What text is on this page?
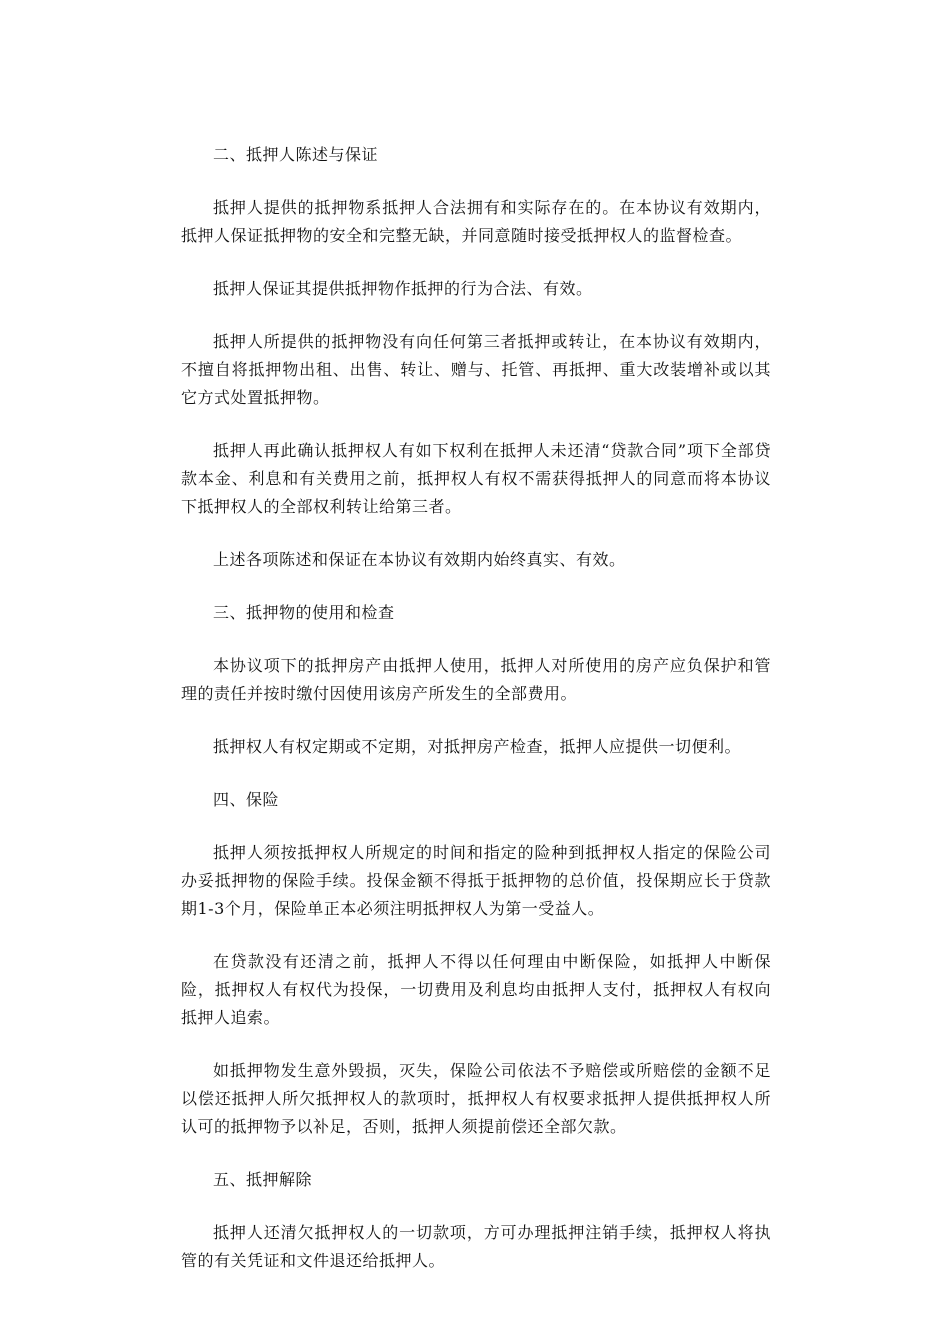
二、抵押人陈述与保证

抵押人提供的抵押物系抵押人合法拥有和实际存在的。在本协议有效期内，抵押人保证抵押物的安全和完整无缺，并同意随时接受抵押权人的监督检查。

抵押人保证其提供抵押物作抵押的行为合法、有效。

抵押人所提供的抵押物没有向任何第三者抵押或转让，在本协议有效期内，不擅自将抵押物出租、出售、转让、赠与、托管、再抵押、重大改装增补或以其它方式处置抵押物。

抵押人再此确认抵押权人有如下权利在抵押人未还清“贷款合同”项下全部贷款本金、利息和有关费用之前，抵押权人有权不需获得抵押人的同意而将本协议下抵押权人的全部权利转让给第三者。

上述各项陈述和保证在本协议有效期内始终真实、有效。

三、抵押物的使用和检查

本协议项下的抵押房产由抵押人使用，抵押人对所使用的房产应负保护和管理的责任并按时缴付因使用该房产所发生的全部费用。

抵押权人有权定期或不定期，对抵押房产检查，抵押人应提供一切便利。

四、保险

抵押人须按抵押权人所规定的时间和指定的险种到抵押权人指定的保险公司办妥抵押物的保险手续。投保金额不得抵于抵押物的总价值，投保期应长于贷款期1-3个月，保险单正本必须注明抵押权人为第一受益人。

在贷款没有还清之前，抵押人不得以任何理由中断保险，如抵押人中断保险，抵押权人有权代为投保，一切费用及利息均由抵押人支付，抵押权人有权向抵押人追索。

如抵押物发生意外毁损，灭失，保险公司依法不予赔偿或所赔偿的金额不足以偿还抵押人所欠抵押权人的款项时，抵押权人有权要求抵押人提供抵押权人所认可的抵押物予以补足，否则，抵押人须提前偿还全部欠款。

五、抵押解除

抵押人还清欠抵押权人的一切款项，方可办理抵押注销手续，抵押权人将执管的有关凭证和文件退还给抵押人。
